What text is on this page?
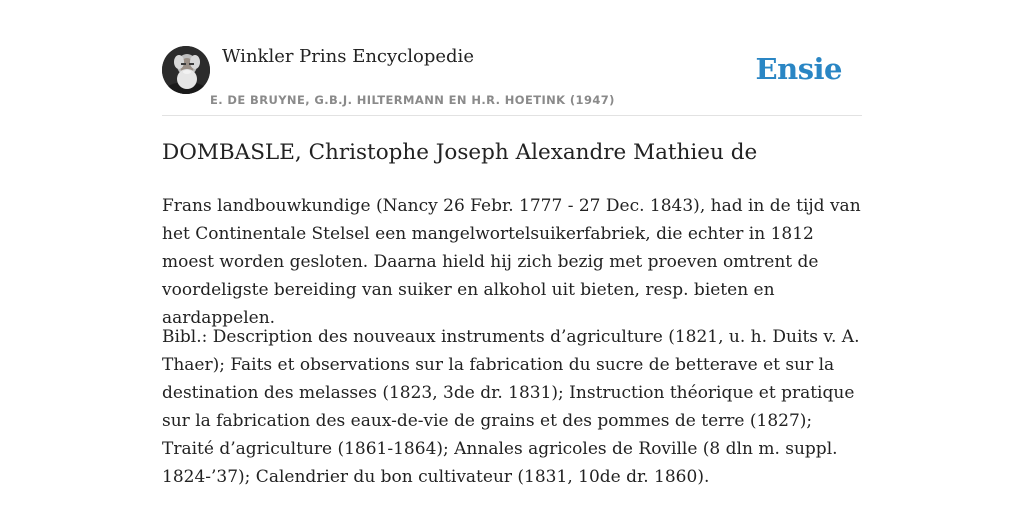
Winkler Prins Encyclopedie
E. DE BRUYNE, G.B.J. HILTERMANN EN H.R. HOETINK (1947)
Ensie
DOMBASLE, Christophe Joseph Alexandre Mathieu de

Frans landbouwkundige (Nancy 26 Febr. 1777 - 27 Dec. 1843), had in de tijd van het Continentale Stelsel een mangelwortelsuikerfabriek, die echter in 1812 moest worden gesloten. Daarna hield hij zich bezig met proeven omtrent de voordeligste bereiding van suiker en alkohol uit bieten, resp. bieten en aardappelen.

Bibl.: Description des nouveaux instruments d’agriculture (1821, u. h. Duits v. A. Thaer); Faits et observations sur la fabrication du sucre de betterave et sur la destination des melasses (1823, 3de dr. 1831); Instruction théorique et pratique sur la fabrication des eaux-de-vie de grains et des pommes de terre (1827); Traité d’agriculture (1861-1864); Annales agricoles de Roville (8 dln m. suppl. 1824-’37); Calendrier du bon cultivateur (1831, 10de dr. 1860).
